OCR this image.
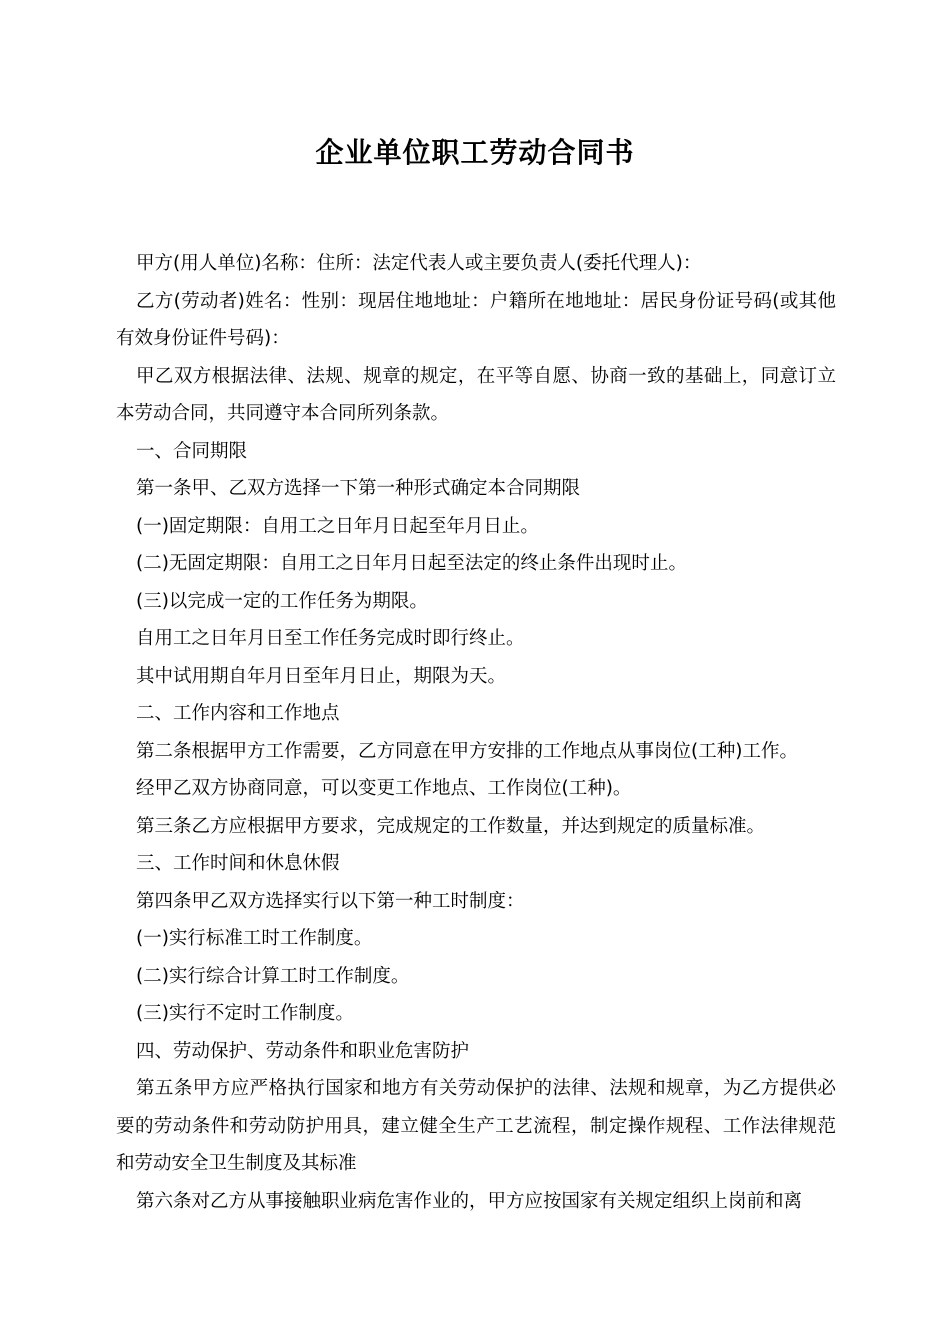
企业单位职工劳动合同书

甲方(用人单位)名称：住所：法定代表人或主要负责人(委托代理人)：

乙方(劳动者)姓名：性别：现居住地地址：户籍所在地地址：居民身份证号码(或其他有效身份证件号码)：

甲乙双方根据法律、法规、规章的规定，在平等自愿、协商一致的基础上，同意订立本劳动合同，共同遵守本合同所列条款。

一、合同期限

第一条甲、乙双方选择一下第一种形式确定本合同期限

(一)固定期限：自用工之日年月日起至年月日止。

(二)无固定期限：自用工之日年月日起至法定的终止条件出现时止。

(三)以完成一定的工作任务为期限。

自用工之日年月日至工作任务完成时即行终止。

其中试用期自年月日至年月日止，期限为天。

二、工作内容和工作地点

第二条根据甲方工作需要，乙方同意在甲方安排的工作地点从事岗位(工种)工作。

经甲乙双方协商同意，可以变更工作地点、工作岗位(工种)。

第三条乙方应根据甲方要求，完成规定的工作数量，并达到规定的质量标准。

三、工作时间和休息休假

第四条甲乙双方选择实行以下第一种工时制度：

(一)实行标准工时工作制度。

(二)实行综合计算工时工作制度。

(三)实行不定时工作制度。

四、劳动保护、劳动条件和职业危害防护

第五条甲方应严格执行国家和地方有关劳动保护的法律、法规和规章，为乙方提供必要的劳动条件和劳动防护用具，建立健全生产工艺流程，制定操作规程、工作法律规范和劳动安全卫生制度及其标准

第六条对乙方从事接触职业病危害作业的，甲方应按国家有关规定组织上岗前和离
